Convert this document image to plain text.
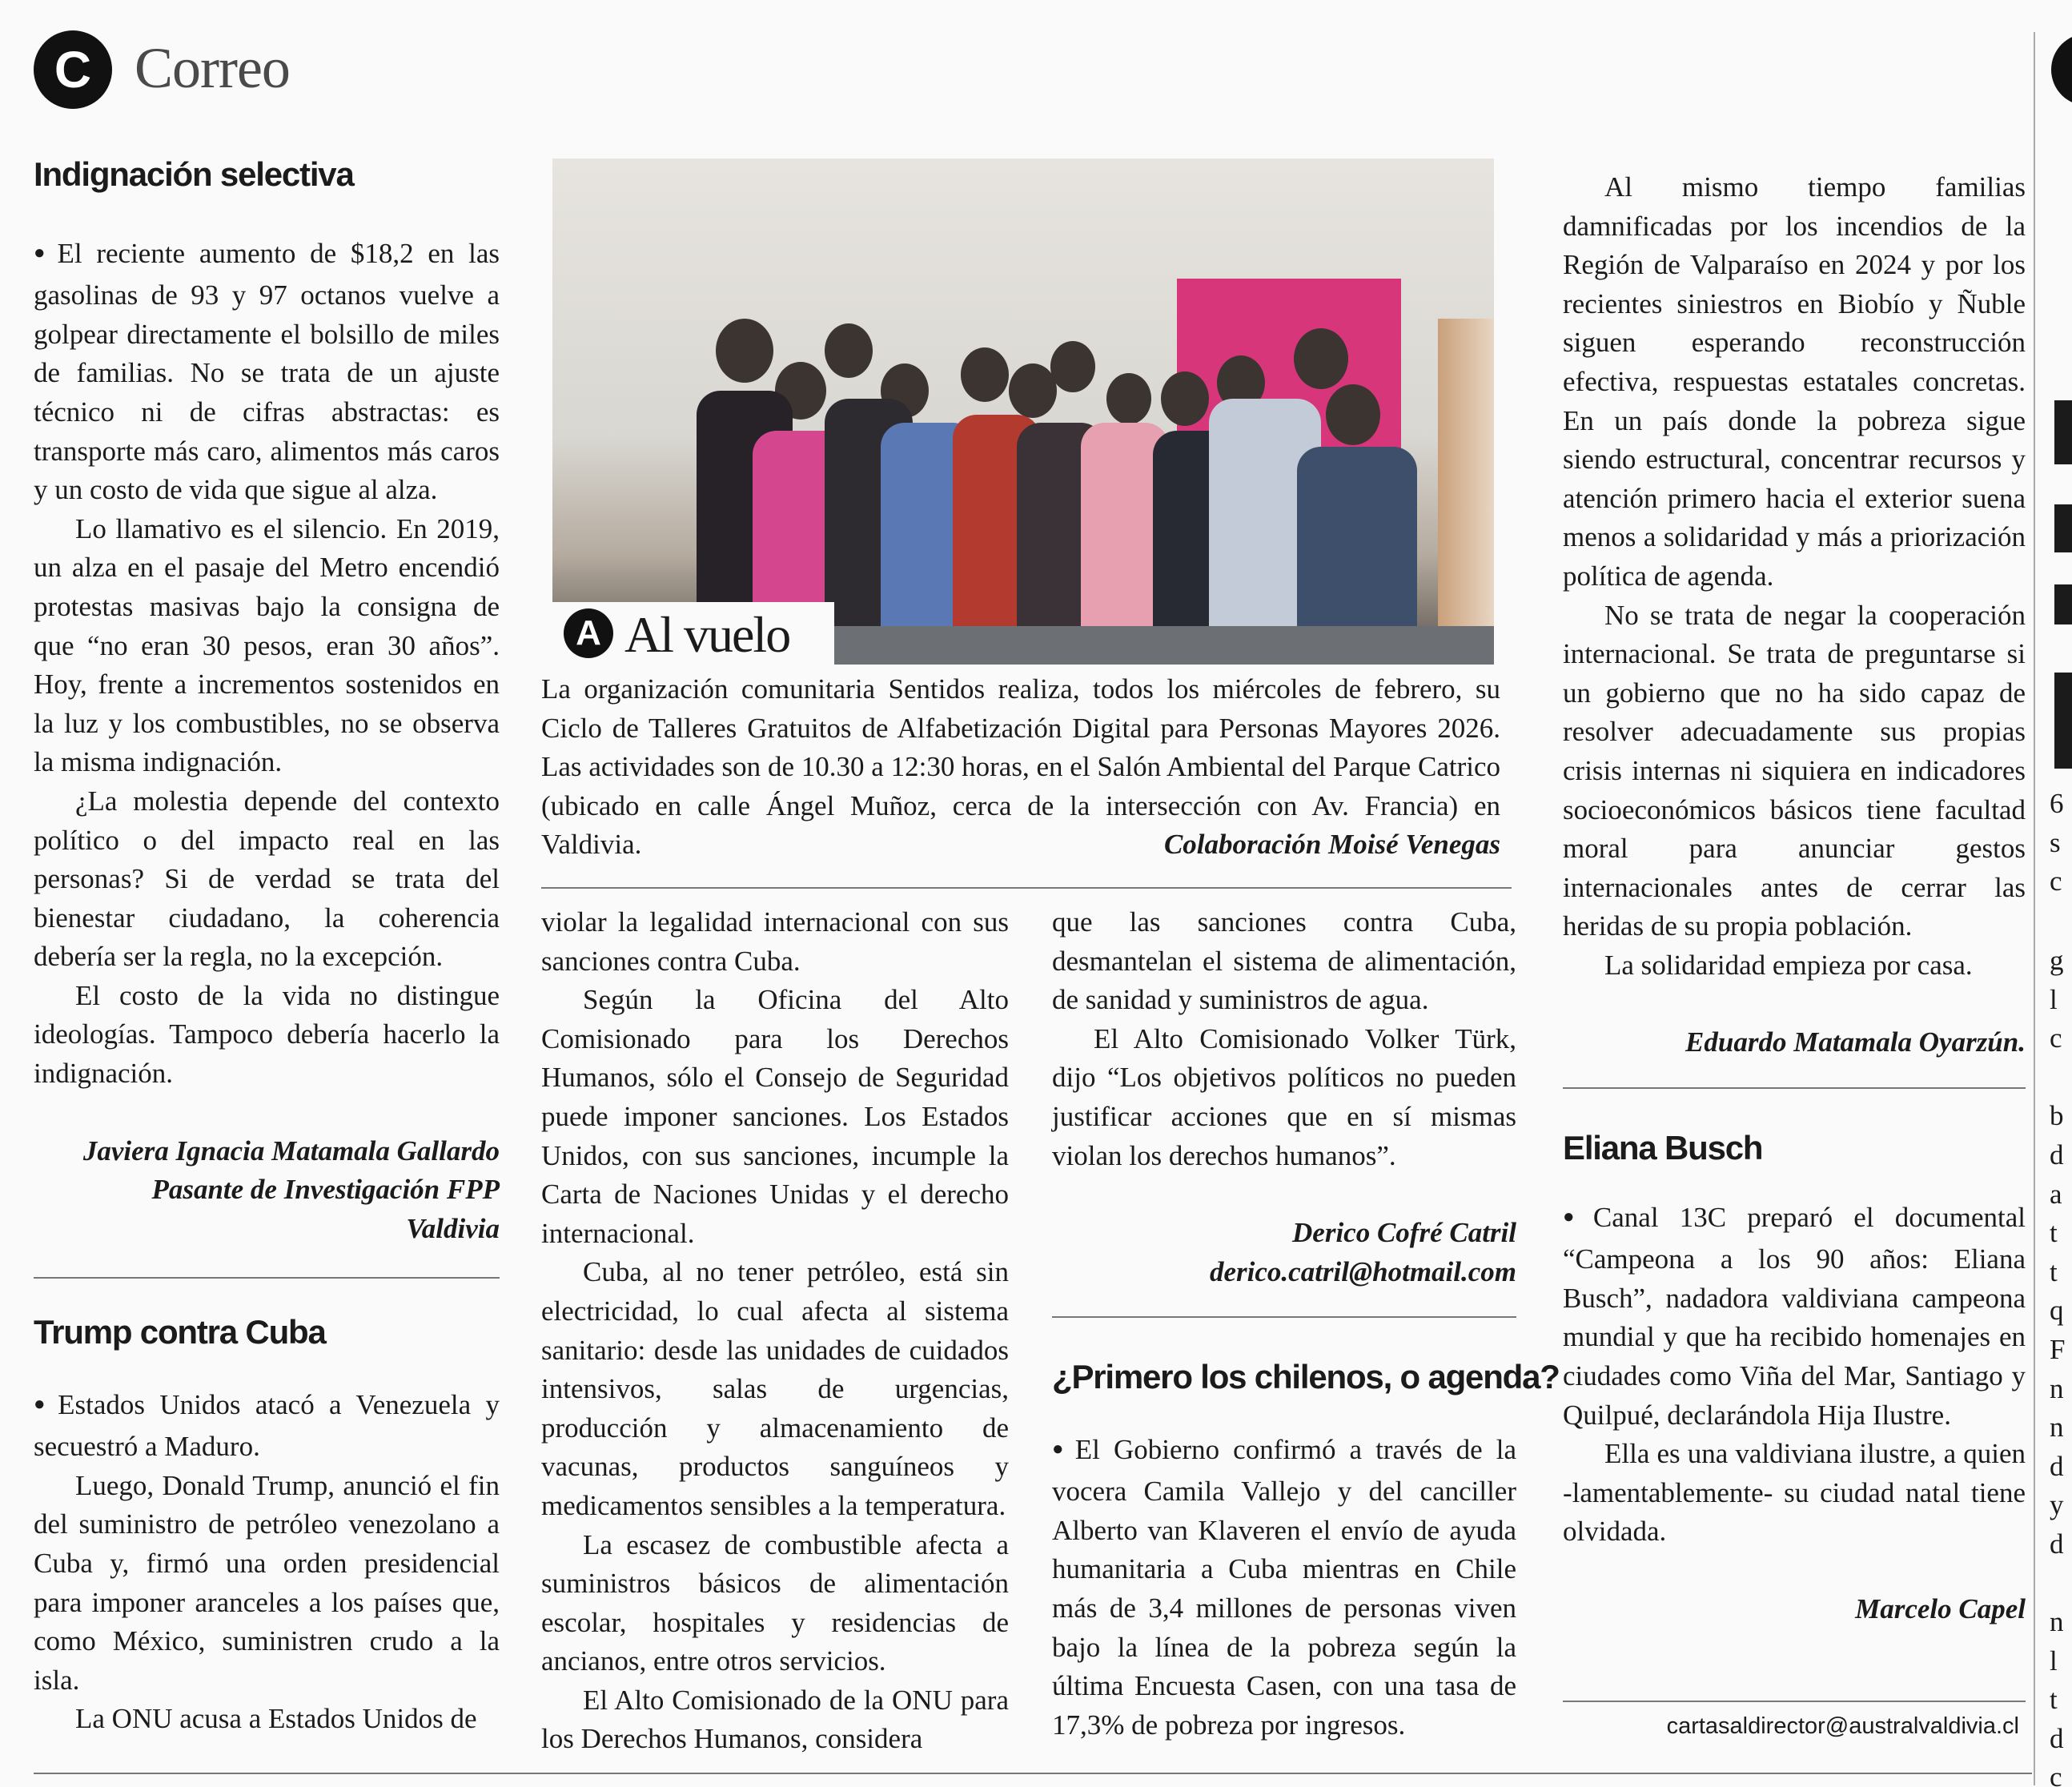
C Correo
Indignación selectiva

● El reciente aumento de $18,2 en las gasolinas de 93 y 97 octanos vuelve a golpear directamente el bolsillo de miles de familias. No se trata de un ajuste técnico ni de cifras abstractas: es transporte más caro, alimentos más caros y un costo de vida que sigue al alza.

Lo llamativo es el silencio. En 2019, un alza en el pasaje del Metro encendió protestas masivas bajo la consigna de que “no eran 30 pesos, eran 30 años”. Hoy, frente a incrementos sostenidos en la luz y los combustibles, no se observa la misma indignación.

¿La molestia depende del contexto político o del impacto real en las personas? Si de verdad se trata del bienestar ciudadano, la coherencia debería ser la regla, no la excepción.

El costo de la vida no distingue ideologías. Tampoco debería hacerlo la indignación.

Javiera Ignacia Matamala Gallardo

Pasante de Investigación FPP

Valdivia

Trump contra Cuba

● Estados Unidos atacó a Venezuela y secuestró a Maduro.

Luego, Donald Trump, anunció el fin del suministro de petróleo venezolano a Cuba y, firmó una orden presidencial para imponer aranceles a los países que, como México, suministren crudo a la isla.

La ONU acusa a Estados Unidos de

A Al vuelo
La organización comunitaria Sentidos realiza, todos los miércoles de febrero, su Ciclo de Talleres Gratuitos de Alfabetización Digital para Personas Mayores 2026. Las actividades son de 10.30 a 12:30 horas, en el Salón Ambiental del Parque Catrico (ubicado en calle Ángel Muñoz, cerca de la intersección con Av. Francia) en Valdivia.	Colaboración Moisé Venegas

violar la legalidad internacional con sus sanciones contra Cuba.

Según la Oficina del Alto Comisionado para los Derechos Humanos, sólo el Consejo de Seguridad puede imponer sanciones. Los Estados Unidos, con sus sanciones, incumple la Carta de Naciones Unidas y el derecho internacional.

Cuba, al no tener petróleo, está sin electricidad, lo cual afecta al sistema sanitario: desde las unidades de cuidados intensivos, salas de urgencias, producción y almacenamiento de vacunas, productos sanguíneos y medicamentos sensibles a la temperatura.

La escasez de combustible afecta a suministros básicos de alimentación escolar, hospitales y residencias de ancianos, entre otros servicios.

El Alto Comisionado de la ONU para los Derechos Humanos, considera

que las sanciones contra Cuba, desmantelan el sistema de alimentación, de sanidad y suministros de agua.

El Alto Comisionado Volker Türk, dijo “Los objetivos políticos no pueden justificar acciones que en sí mismas violan los derechos humanos”.

Derico Cofré Catril

derico.catril@hotmail.com

¿Primero los chilenos, o agenda?

● El Gobierno confirmó a través de la vocera Camila Vallejo y del canciller Alberto van Klaveren el envío de ayuda humanitaria a Cuba mientras en Chile más de 3,4 millones de personas viven bajo la línea de la pobreza según la última Encuesta Casen, con una tasa de 17,3% de pobreza por ingresos.

Al mismo tiempo familias damnificadas por los incendios de la Región de Valparaíso en 2024 y por los recientes siniestros en Biobío y Ñuble siguen esperando reconstrucción efectiva, respuestas estatales concretas. En un país donde la pobreza sigue siendo estructural, concentrar recursos y atención primero hacia el exterior suena menos a solidaridad y más a priorización política de agenda.

No se trata de negar la cooperación internacional. Se trata de preguntarse si un gobierno que no ha sido capaz de resolver adecuadamente sus propias crisis internas ni siquiera en indicadores socioeconómicos básicos tiene facultad moral para anunciar gestos internacionales antes de cerrar las heridas de su propia población.

La solidaridad empieza por casa.

Eduardo Matamala Oyarzún.

Eliana Busch

● Canal 13C preparó el documental “Campeona a los 90 años: Eliana Busch”, nadadora valdiviana campeona mundial y que ha recibido homenajes en ciudades como Viña del Mar, Santiago y Quilpué, declarándola Hija Ilustre.

Ella es una valdiviana ilustre, a quien -lamentablemente- su ciudad natal tiene olvidada.

Marcelo Capel

cartasaldirector@australvaldivia.cl
6
s
c
g
l
c

b
d
a
t
t
q
F
n
n
d
y
d

n
l
t
d
c
